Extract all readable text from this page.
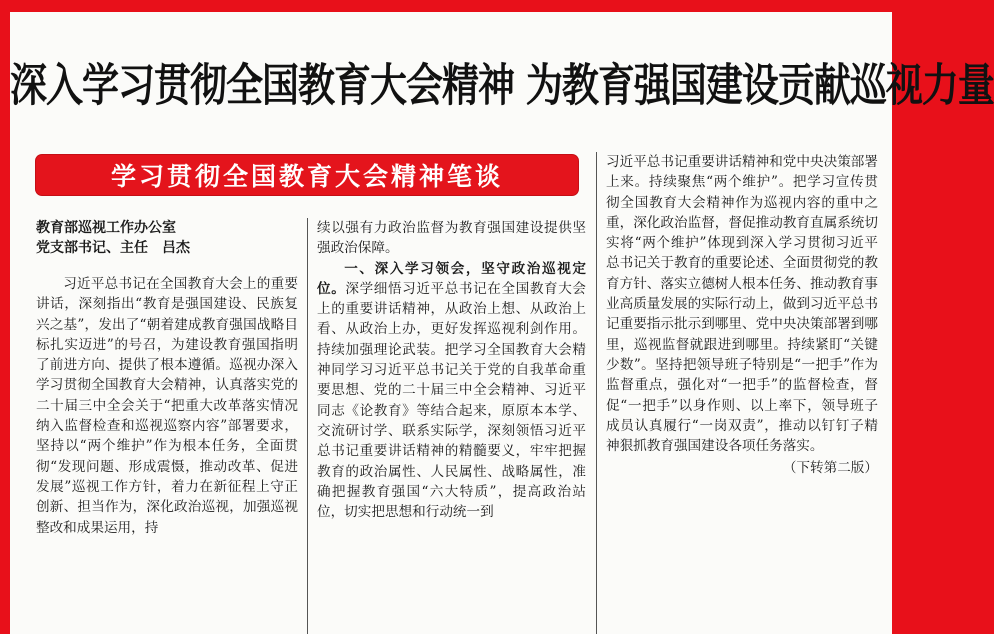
深入学习贯彻全国教育大会精神 为教育强国建设贡献巡视力量
学习贯彻全国教育大会精神笔谈
教育部巡视工作办公室
党支部书记、主任　吕杰

习近平总书记在全国教育大会上的重要讲话，深刻指出“教育是强国建设、民族复兴之基”，发出了“朝着建成教育强国战略目标扎实迈进”的号召，为建设教育强国指明了前进方向、提供了根本遵循。巡视办深入学习贯彻全国教育大会精神，认真落实党的二十届三中全会关于“把重大改革落实情况纳入监督检查和巡视巡察内容”部署要求，坚持以“两个维护”作为根本任务，全面贯彻“发现问题、形成震慑，推动改革、促进发展”巡视工作方针，着力在新征程上守正创新、担当作为，深化政治巡视，加强巡视整改和成果运用，持

续以强有力政治监督为教育强国建设提供坚强政治保障。

一、深入学习领会，坚守政治巡视定位。深学细悟习近平总书记在全国教育大会上的重要讲话精神，从政治上想、从政治上看、从政治上办，更好发挥巡视利剑作用。持续加强理论武装。把学习全国教育大会精神同学习习近平总书记关于党的自我革命重要思想、党的二十届三中全会精神、习近平同志《论教育》等结合起来，原原本本学、交流研讨学、联系实际学，深刻领悟习近平总书记重要讲话精神的精髓要义，牢牢把握教育的政治属性、人民属性、战略属性，准确把握教育强国“六大特质”，提高政治站位，切实把思想和行动统一到

习近平总书记重要讲话精神和党中央决策部署上来。持续聚焦“两个维护”。把学习宣传贯彻全国教育大会精神作为巡视内容的重中之重，深化政治监督，督促推动教育直属系统切实将“两个维护”体现到深入学习贯彻习近平总书记关于教育的重要论述、全面贯彻党的教育方针、落实立德树人根本任务、推动教育事业高质量发展的实际行动上，做到习近平总书记重要指示批示到哪里、党中央决策部署到哪里，巡视监督就跟进到哪里。持续紧盯“关键少数”。坚持把领导班子特别是“一把手”作为监督重点，强化对“一把手”的监督检查，督促“一把手”以身作则、以上率下，领导班子成员认真履行“一岗双责”，推动以钉钉子精神狠抓教育强国建设各项任务落实。

（下转第二版）
